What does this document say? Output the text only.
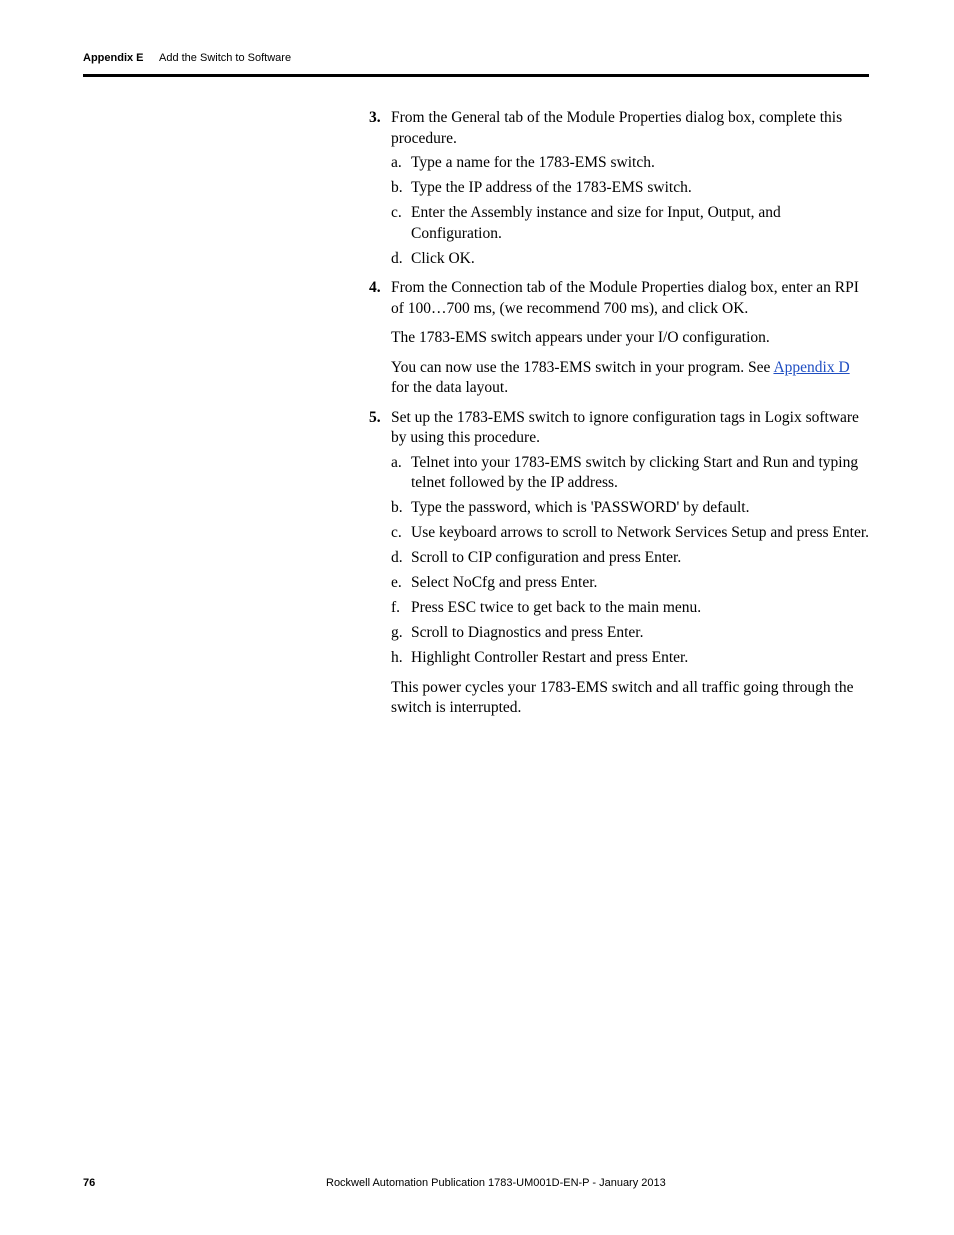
Appendix E Add the Switch to Software
3. From the General tab of the Module Properties dialog box, complete this procedure.
a. Type a name for the 1783-EMS switch.
b. Type the IP address of the 1783-EMS switch.
c. Enter the Assembly instance and size for Input, Output, and Configuration.
d. Click OK.
4. From the Connection tab of the Module Properties dialog box, enter an RPI of 100…700 ms, (we recommend 700 ms), and click OK.
The 1783-EMS switch appears under your I/O configuration.
You can now use the 1783-EMS switch in your program. See Appendix D for the data layout.
5. Set up the 1783-EMS switch to ignore configuration tags in Logix software by using this procedure.
a. Telnet into your 1783-EMS switch by clicking Start and Run and typing telnet followed by the IP address.
b. Type the password, which is 'PASSWORD' by default.
c. Use keyboard arrows to scroll to Network Services Setup and press Enter.
d. Scroll to CIP configuration and press Enter.
e. Select NoCfg and press Enter.
f. Press ESC twice to get back to the main menu.
g. Scroll to Diagnostics and press Enter.
h. Highlight Controller Restart and press Enter.
This power cycles your 1783-EMS switch and all traffic going through the switch is interrupted.
76	Rockwell Automation Publication 1783-UM001D-EN-P - January 2013
